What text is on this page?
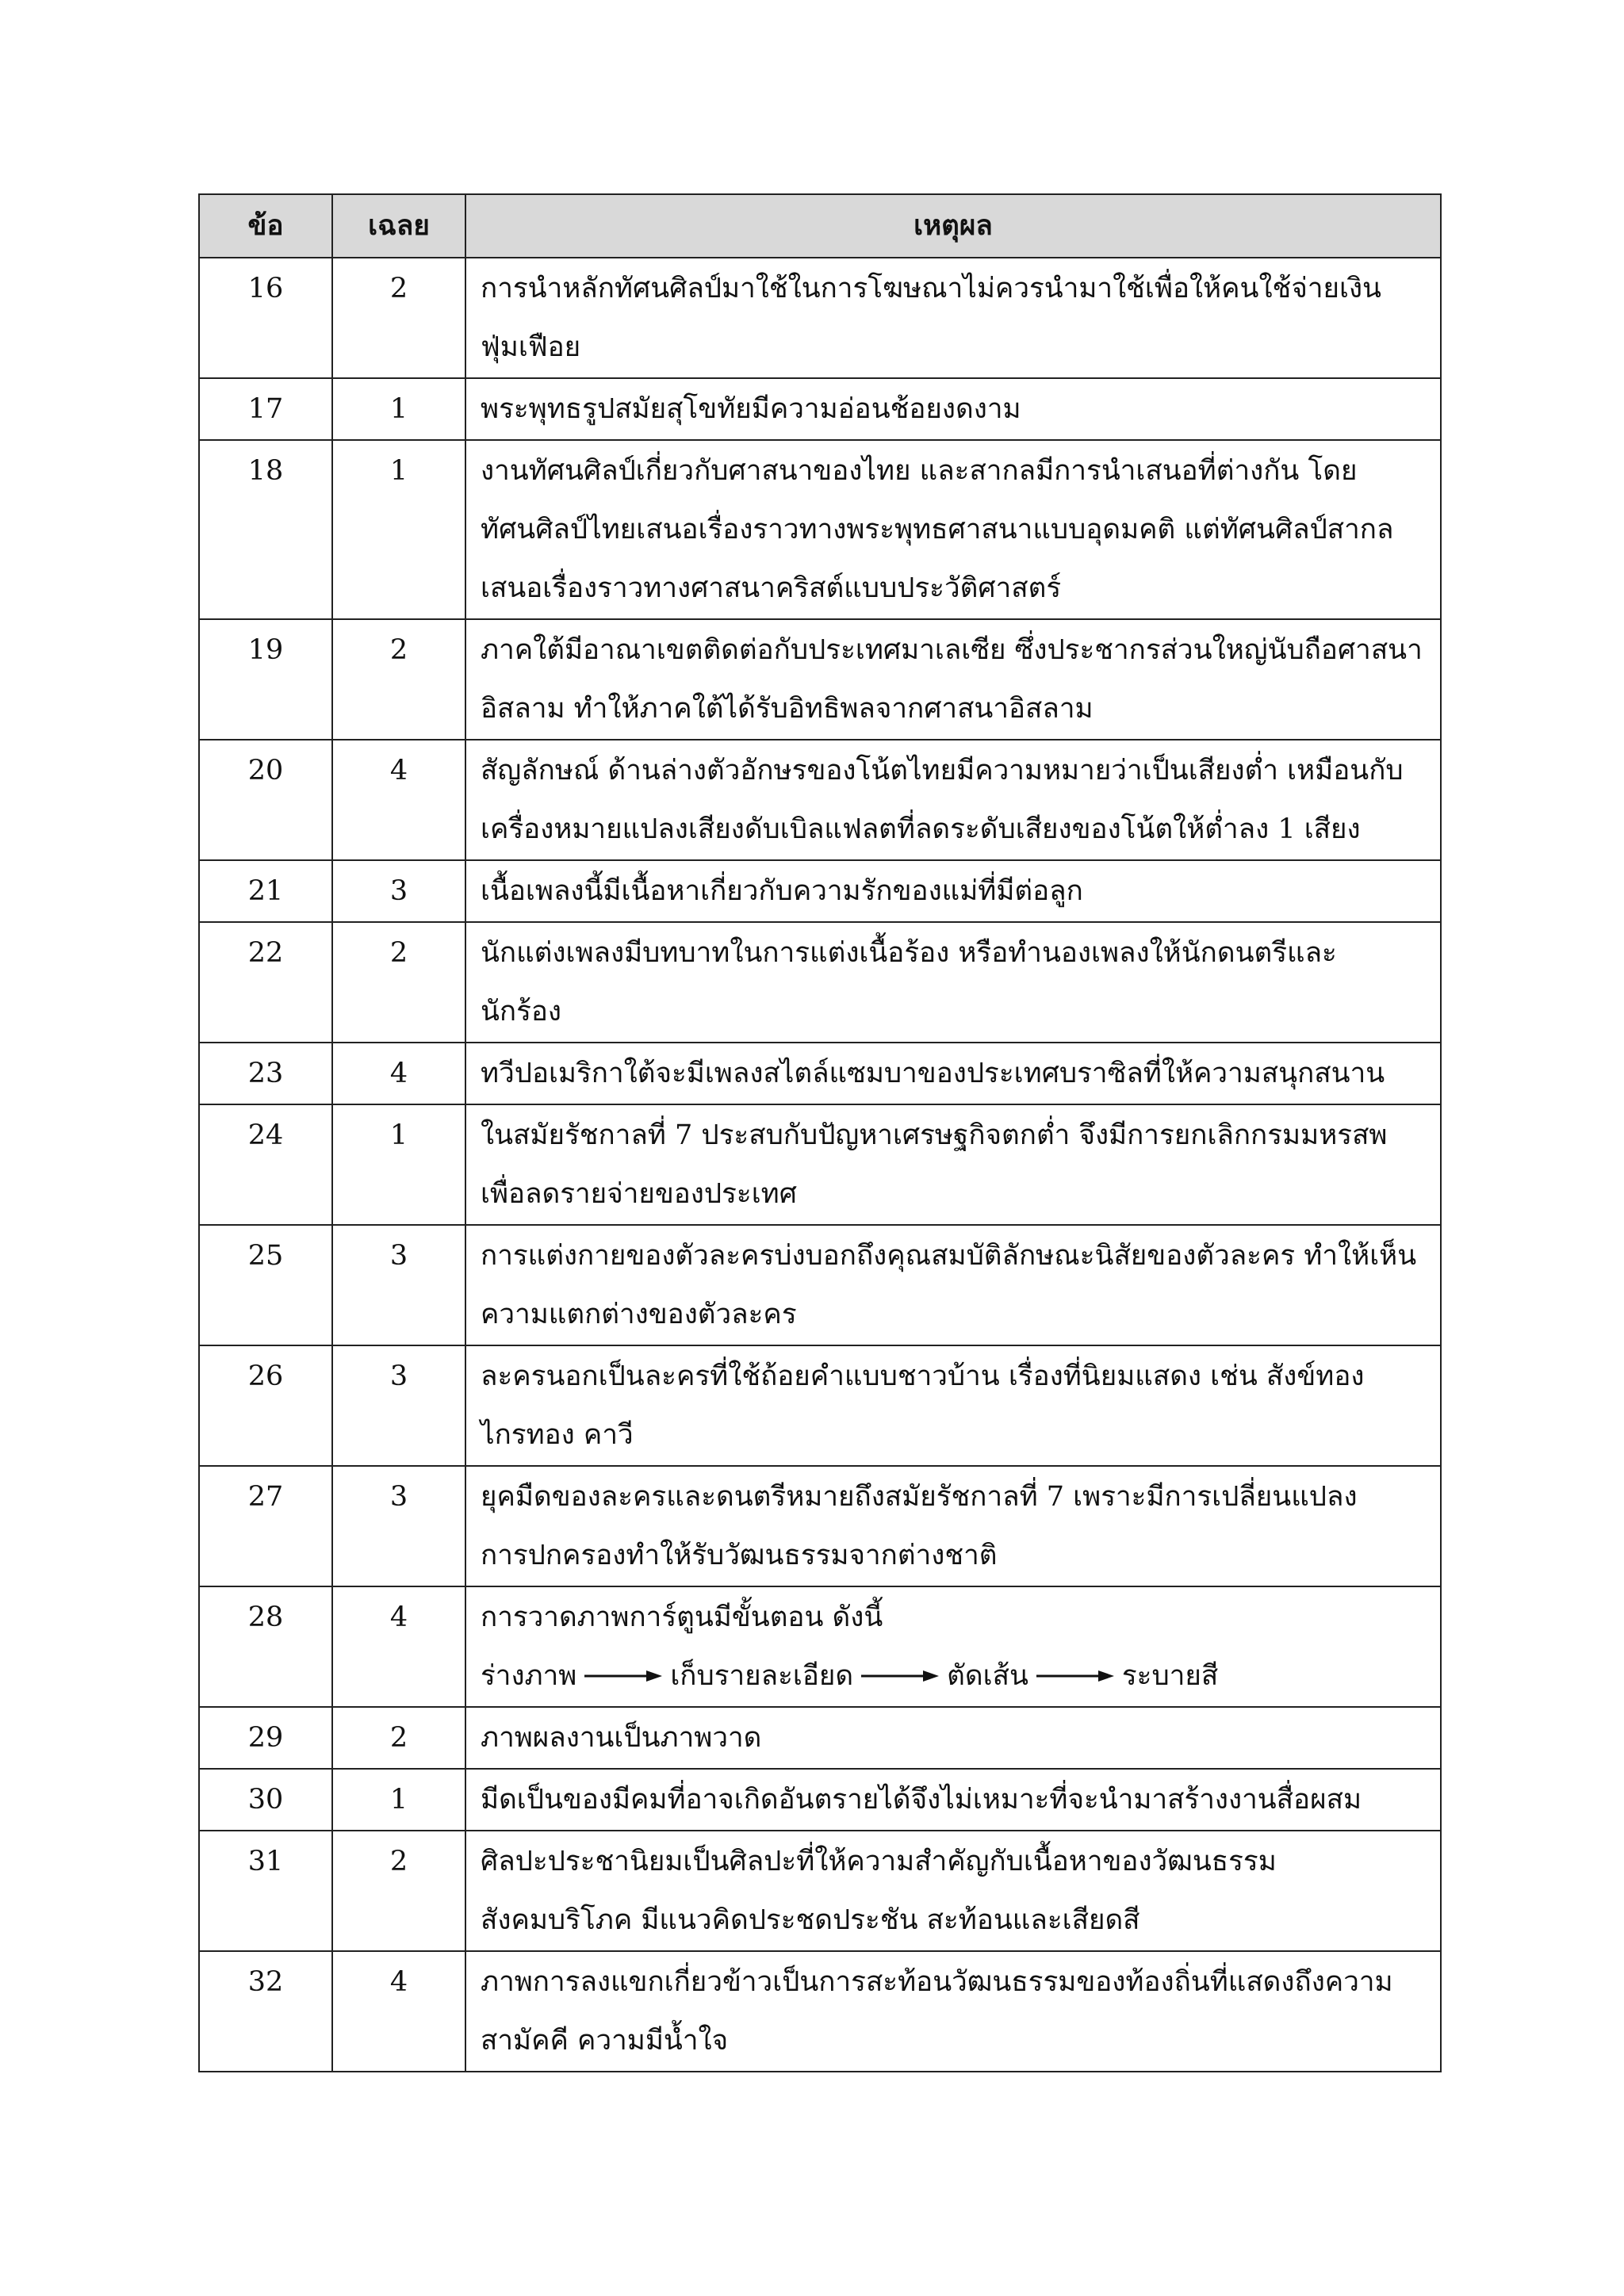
ข้อ	เฉลย	เหตุผล
16	2	การนำหลักทัศนศิลป์มาใช้ในการโฆษณาไม่ควรนำมาใช้เพื่อให้คนใช้จ่ายเงิน
ฟุ่มเฟือย

17	1	พระพุทธรูปสมัยสุโขทัยมีความอ่อนช้อยงดงาม

18	1	งานทัศนศิลป์เกี่ยวกับศาสนาของไทย และสากลมีการนำเสนอที่ต่างกัน โดย
ทัศนศิลป์ไทยเสนอเรื่องราวทางพระพุทธศาสนาแบบอุดมคติ แต่ทัศนศิลป์สากล
เสนอเรื่องราวทางศาสนาคริสต์แบบประวัติศาสตร์

19	2	ภาคใต้มีอาณาเขตติดต่อกับประเทศมาเลเซีย ซึ่งประชากรส่วนใหญ่นับถือศาสนา
อิสลาม ทำให้ภาคใต้ได้รับอิทธิพลจากศาสนาอิสลาม

20	4	สัญลักษณ์ ด้านล่างตัวอักษรของโน้ตไทยมีความหมายว่าเป็นเสียงต่ำ เหมือนกับ
เครื่องหมายแปลงเสียงดับเบิลแฟลตที่ลดระดับเสียงของโน้ตให้ต่ำลง 1 เสียง

21	3	เนื้อเพลงนี้มีเนื้อหาเกี่ยวกับความรักของแม่ที่มีต่อลูก

22	2	นักแต่งเพลงมีบทบาทในการแต่งเนื้อร้อง หรือทำนองเพลงให้นักดนตรีและ
นักร้อง

23	4	ทวีปอเมริกาใต้จะมีเพลงสไตล์แซมบาของประเทศบราซิลที่ให้ความสนุกสนาน

24	1	ในสมัยรัชกาลที่ 7 ประสบกับปัญหาเศรษฐกิจตกต่ำ จึงมีการยกเลิกกรมมหรสพ
เพื่อลดรายจ่ายของประเทศ

25	3	การแต่งกายของตัวละครบ่งบอกถึงคุณสมบัติลักษณะนิสัยของตัวละคร ทำให้เห็น
ความแตกต่างของตัวละคร

26	3	ละครนอกเป็นละครที่ใช้ถ้อยคำแบบชาวบ้าน เรื่องที่นิยมแสดง เช่น สังข์ทอง
ไกรทอง คาวี

27	3	ยุคมืดของละครและดนตรีหมายถึงสมัยรัชกาลที่ 7 เพราะมีการเปลี่ยนแปลง
การปกครองทำให้รับวัฒนธรรมจากต่างชาติ

28	4	การวาดภาพการ์ตูนมีขั้นตอน ดังนี้
ร่างภาพ เก็บรายละเอียด ตัดเส้น ระบายสี

29	2	ภาพผลงานเป็นภาพวาด

30	1	มีดเป็นของมีคมที่อาจเกิดอันตรายได้จึงไม่เหมาะที่จะนำมาสร้างงานสื่อผสม

31	2	ศิลปะประชานิยมเป็นศิลปะที่ให้ความสำคัญกับเนื้อหาของวัฒนธรรม
สังคมบริโภค มีแนวคิดประชดประชัน สะท้อนและเสียดสี

32	4	ภาพการลงแขกเกี่ยวข้าวเป็นการสะท้อนวัฒนธรรมของท้องถิ่นที่แสดงถึงความ
สามัคคี ความมีน้ำใจ
